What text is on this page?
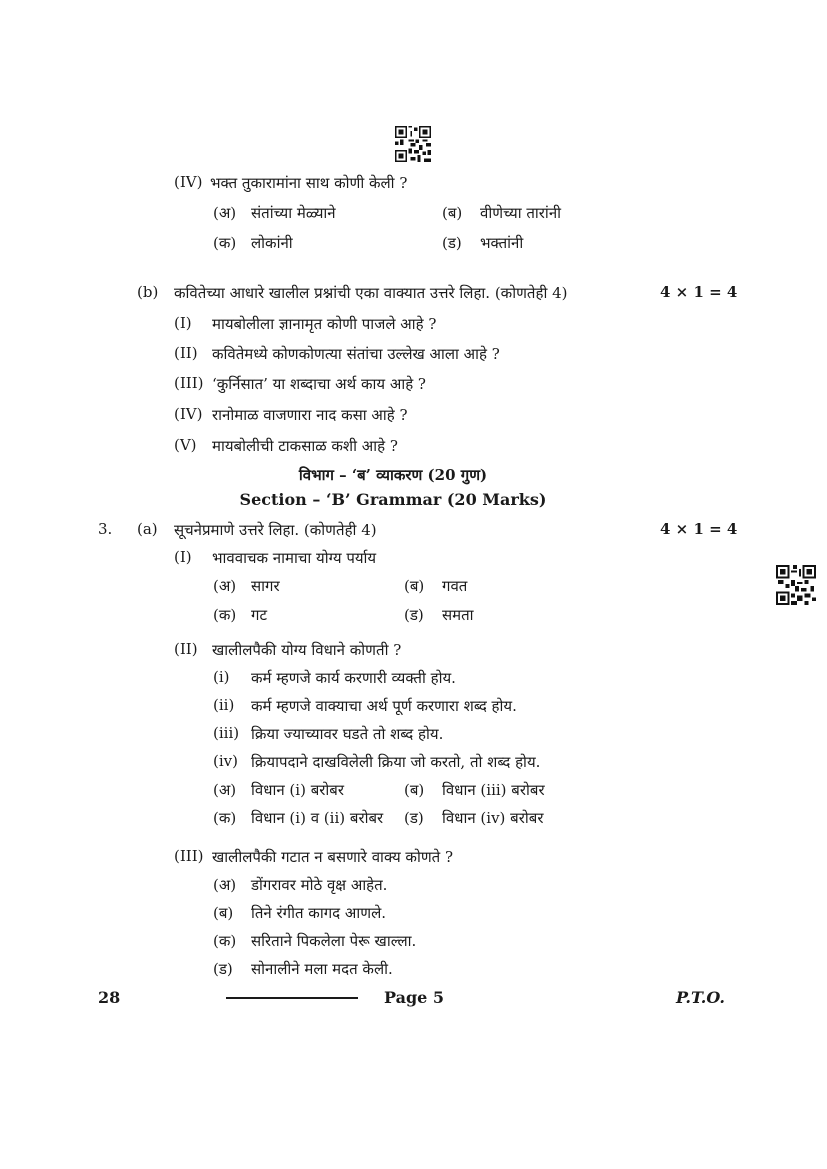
(IV) भक्त तुकारामांना साथ कोणी केली ?
(अ) संतांच्या मेळ्याने	(ब) वीणेच्या तारांनी
(क) लोकांनी	(ड) भक्तांनी
(b) कवितेच्या आधारे खालील प्रश्नांची एका वाक्यात उत्तरे लिहा. (कोणतेही 4)	4 × 1 = 4
(I) मायबोलीला ज्ञानामृत कोणी पाजले आहे ?
(II) कवितेमध्ये कोणकोणत्या संतांचा उल्लेख आला आहे ?
(III) ‘कुर्निसात’ या शब्दाचा अर्थ काय आहे ?
(IV) रानोमाळ वाजणारा नाद कसा आहे ?
(V) मायबोलीची टाकसाळ कशी आहे ?
विभाग – ‘ब’ व्याकरण (20 गुण)
Section – ‘B’ Grammar (20 Marks)
3. (a) सूचनेप्रमाणे उत्तरे लिहा. (कोणतेही 4)	4 × 1 = 4
(I) भाववाचक नामाचा योग्य पर्याय
(अ) सागर	(ब) गवत
(क) गट	(ड) समता
(II) खालीलपैकी योग्य विधाने कोणती ?
(i) कर्म म्हणजे कार्य करणारी व्यक्ती होय.
(ii) कर्म म्हणजे वाक्याचा अर्थ पूर्ण करणारा शब्द होय.
(iii) क्रिया ज्याच्यावर घडते तो शब्द होय.
(iv) क्रियापदाने दाखविलेली क्रिया जो करतो, तो शब्द होय.
(अ) विधान (i) बरोबर	(ब) विधान (iii) बरोबर
(क) विधान (i) व (ii) बरोबर (ड) विधान (iv) बरोबर
(III) खालीलपैकी गटात न बसणारे वाक्य कोणते ?
(अ) डोंगरावर मोठे वृक्ष आहेत.
(ब) तिने रंगीत कागद आणले.
(क) सरिताने पिकलेला पेरू खाल्ला.
(ड) सोनालीने मला मदत केली.
28	Page 5	P.T.O.
